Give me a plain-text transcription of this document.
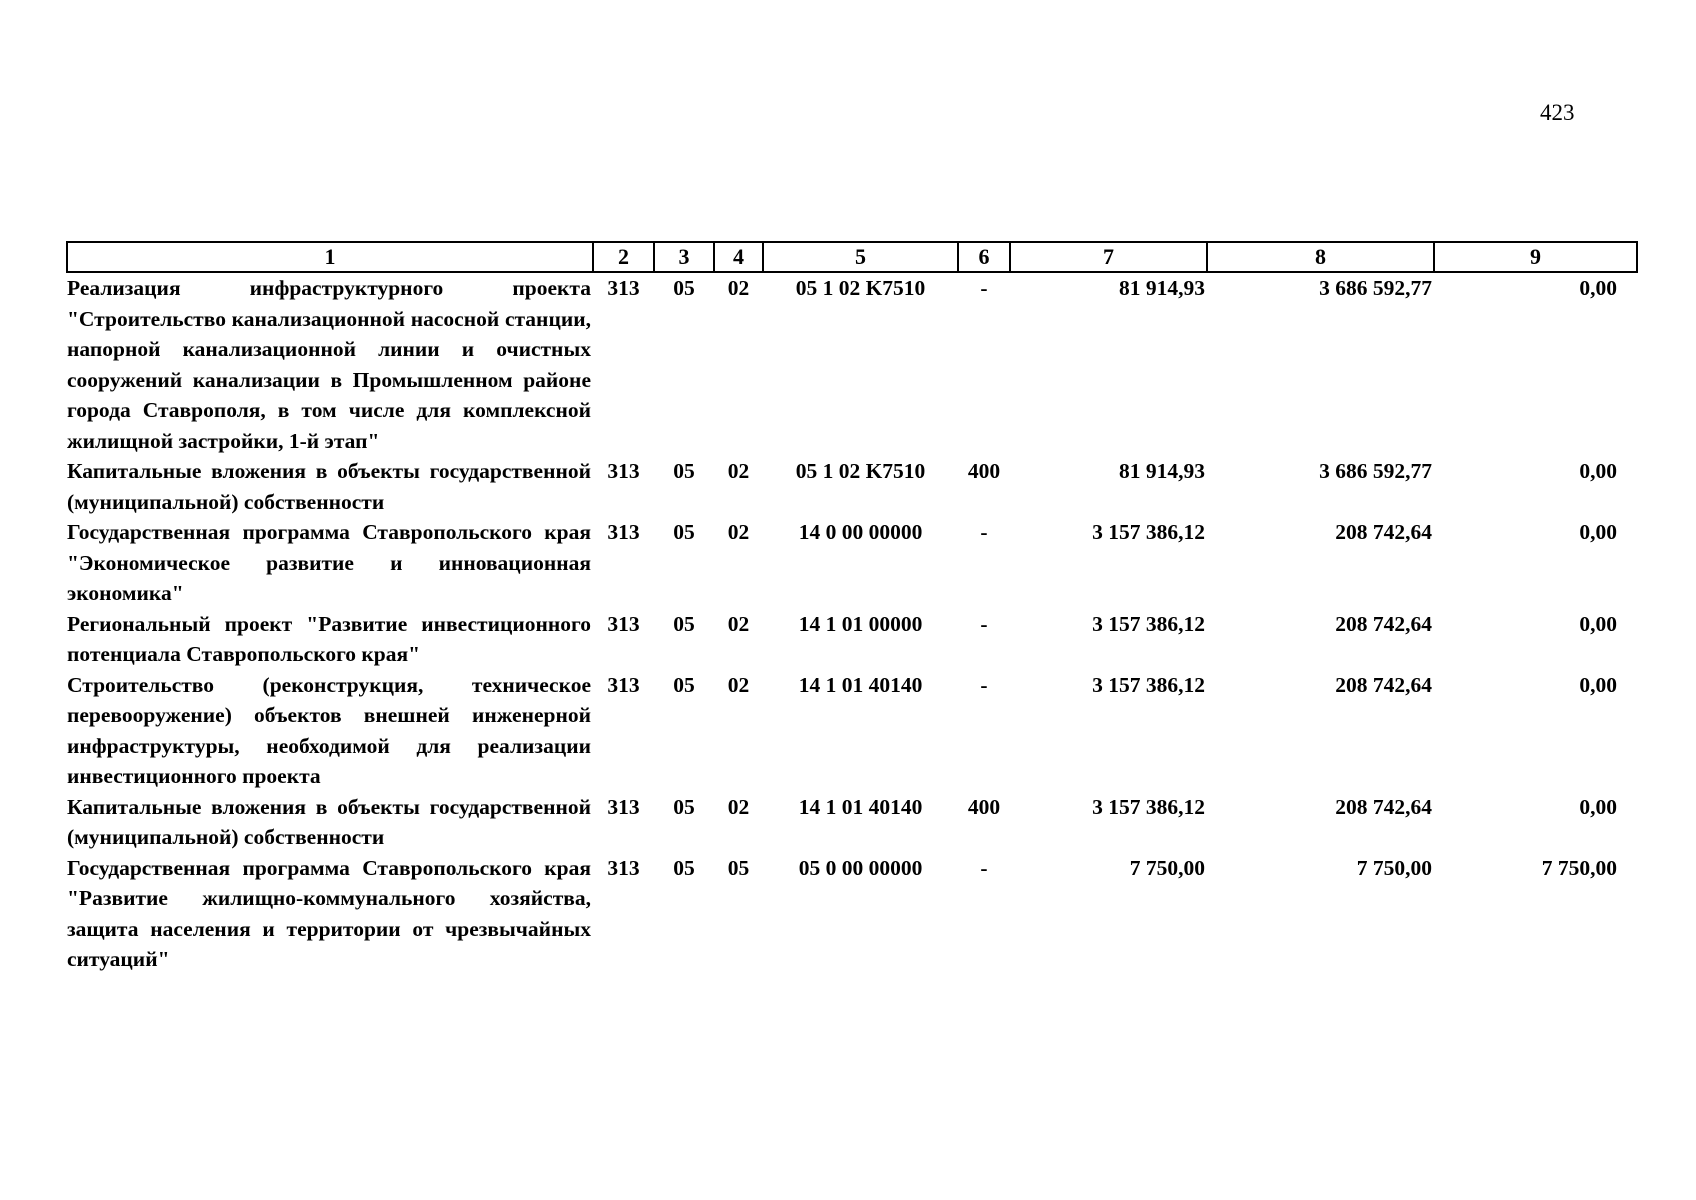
423
1	2	3	4	5	6	7	8	9
Реализация инфраструктурного проекта "Строительство канализационной насосной станции, напорной канализационной линии и очистных сооружений канализации в Промышленном районе города Ставрополя, в том числе для комплексной жилищной застройки, 1-й этап"	313	05	02	05 1 02 K7510	-	81 914,93	3 686 592,77	0,00
Капитальные вложения в объекты государственной (муниципальной) собственности	313	05	02	05 1 02 K7510	400	81 914,93	3 686 592,77	0,00
Государственная программа Ставропольского края "Экономическое развитие и инновационная экономика"	313	05	02	14 0 00 00000	-	3 157 386,12	208 742,64	0,00
Региональный проект "Развитие инвестиционного потенциала Ставропольского края"	313	05	02	14 1 01 00000	-	3 157 386,12	208 742,64	0,00
Строительство (реконструкция, техническое перевооружение) объектов внешней инженерной инфраструктуры, необходимой для реализации инвестиционного проекта	313	05	02	14 1 01 40140	-	3 157 386,12	208 742,64	0,00
Капитальные вложения в объекты государственной (муниципальной) собственности	313	05	02	14 1 01 40140	400	3 157 386,12	208 742,64	0,00
Государственная программа Ставропольского края "Развитие жилищно-коммунального хозяйства, защита населения и территории от чрезвычайных ситуаций"	313	05	05	05 0 00 00000	-	7 750,00	7 750,00	7 750,00
